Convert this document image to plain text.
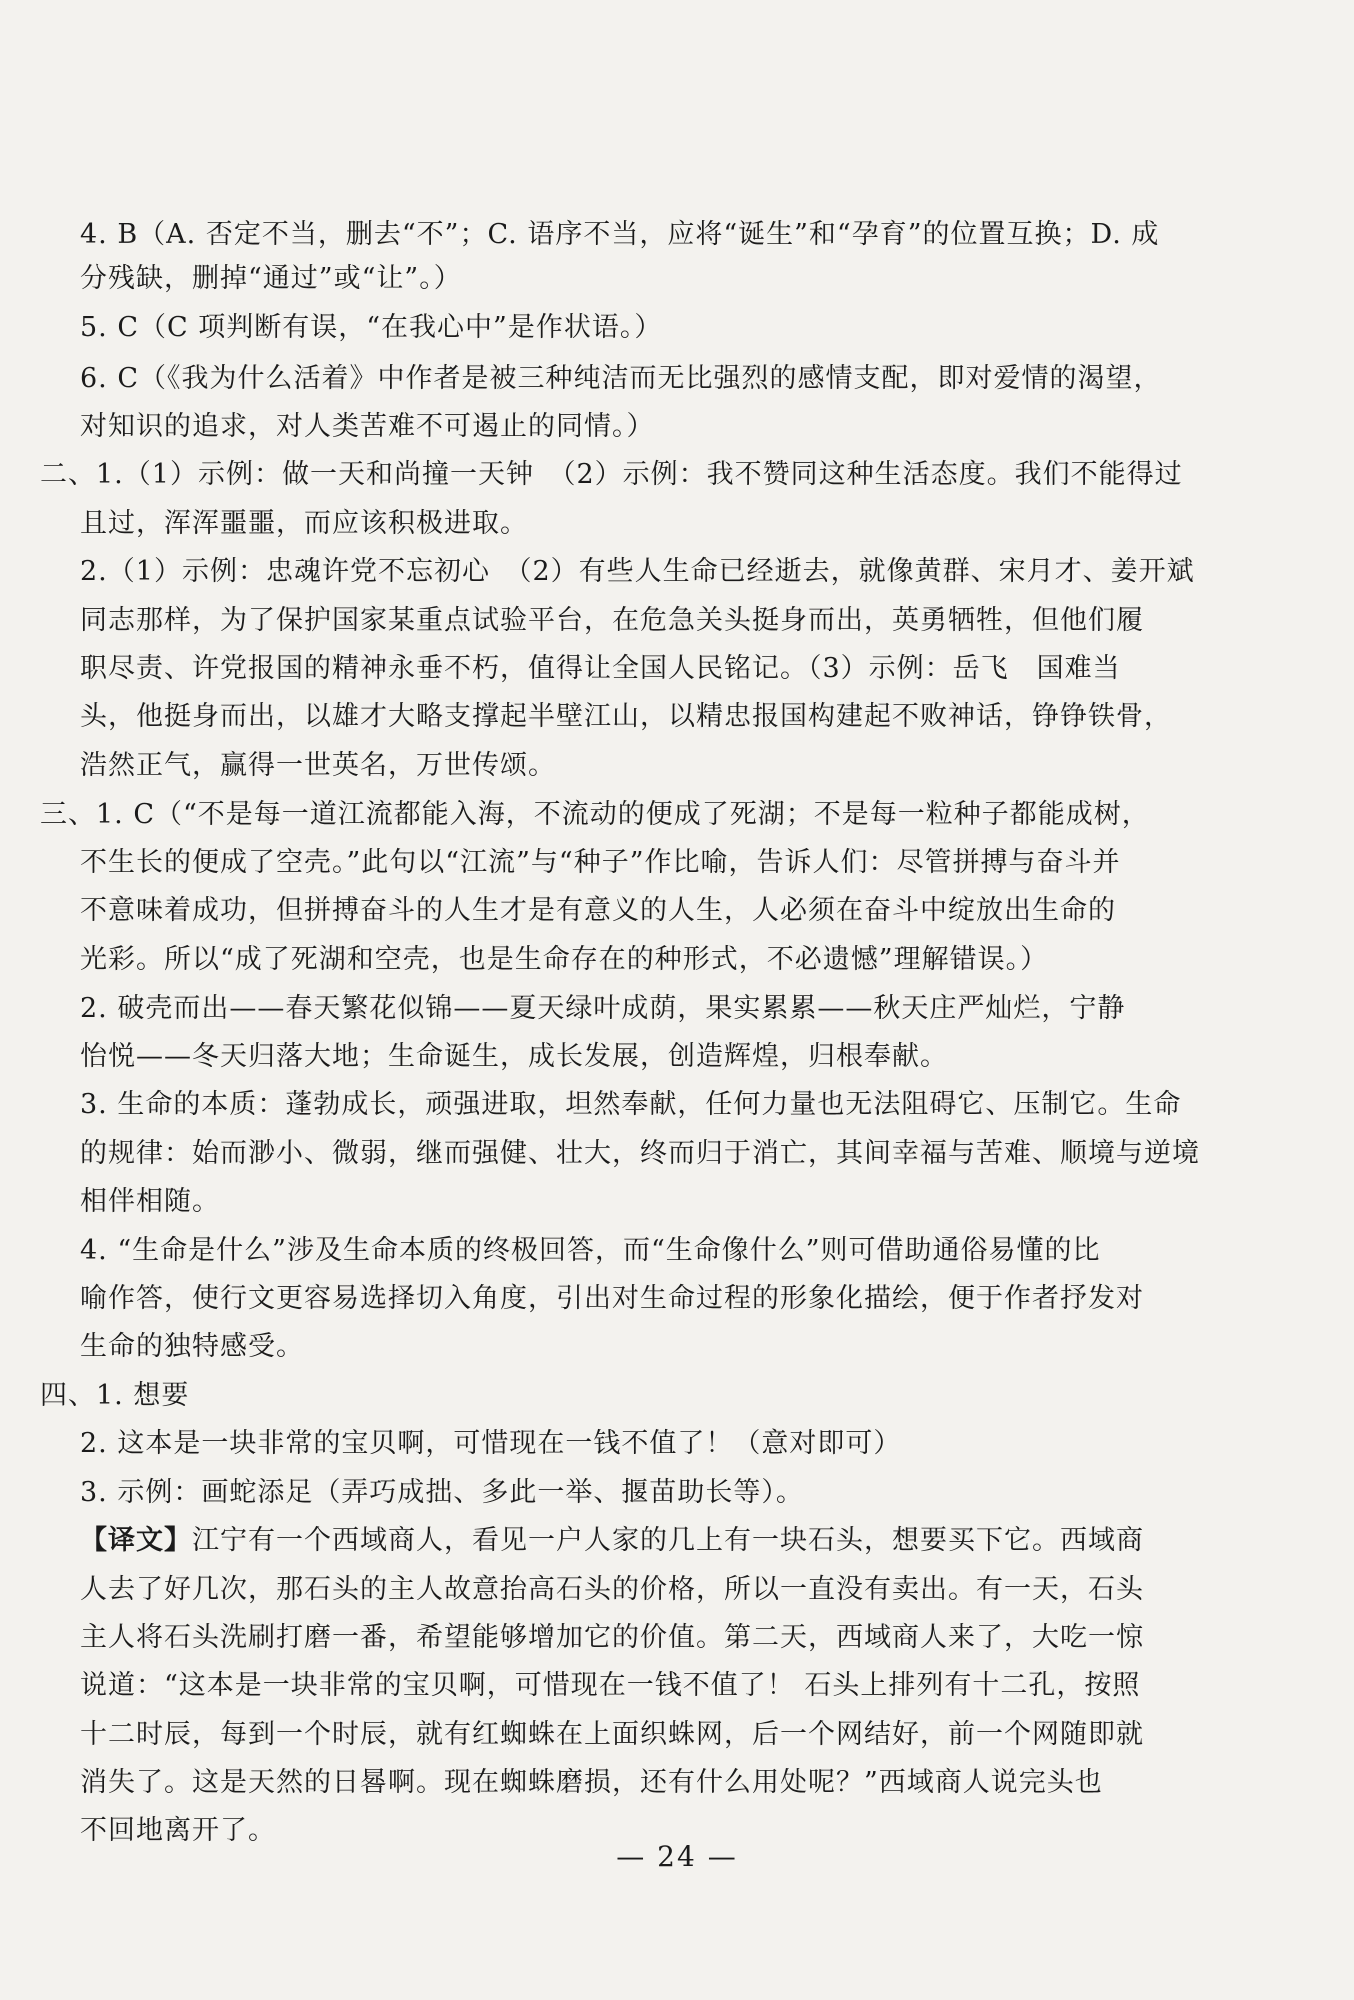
4. B（A. 否定不当，删去“不”；C. 语序不当，应将“诞生”和“孕育”的位置互换；D. 成
分残缺，删掉“通过”或“让”。）
5. C（C 项判断有误，“在我心中”是作状语。）
6. C（《我为什么活着》中作者是被三种纯洁而无比强烈的感情支配，即对爱情的渴望，
对知识的追求，对人类苦难不可遏止的同情。）
二、1.（1）示例：做一天和尚撞一天钟　（2）示例：我不赞同这种生活态度。我们不能得过
且过，浑浑噩噩，而应该积极进取。
2.（1）示例：忠魂许党不忘初心　（2）有些人生命已经逝去，就像黄群、宋月才、姜开斌
同志那样，为了保护国家某重点试验平台，在危急关头挺身而出，英勇牺牲，但他们履
职尽责、许党报国的精神永垂不朽，值得让全国人民铭记。（3）示例：岳飞　国难当
头，他挺身而出，以雄才大略支撑起半壁江山，以精忠报国构建起不败神话，铮铮铁骨，
浩然正气，赢得一世英名，万世传颂。
三、1. C（“不是每一道江流都能入海，不流动的便成了死湖；不是每一粒种子都能成树，
不生长的便成了空壳。”此句以“江流”与“种子”作比喻，告诉人们：尽管拼搏与奋斗并
不意味着成功，但拼搏奋斗的人生才是有意义的人生，人必须在奋斗中绽放出生命的
光彩。所以“成了死湖和空壳，也是生命存在的种形式，不必遗憾”理解错误。）
2. 破壳而出——春天繁花似锦——夏天绿叶成荫，果实累累——秋天庄严灿烂，宁静
怡悦——冬天归落大地；生命诞生，成长发展，创造辉煌，归根奉献。
3. 生命的本质：蓬勃成长，顽强进取，坦然奉献，任何力量也无法阻碍它、压制它。生命
的规律：始而渺小、微弱，继而强健、壮大，终而归于消亡，其间幸福与苦难、顺境与逆境
相伴相随。
4. “生命是什么”涉及生命本质的终极回答，而“生命像什么”则可借助通俗易懂的比
喻作答，使行文更容易选择切入角度，引出对生命过程的形象化描绘，便于作者抒发对
生命的独特感受。
四、1. 想要
2. 这本是一块非常的宝贝啊，可惜现在一钱不值了！（意对即可）
3. 示例：画蛇添足（弄巧成拙、多此一举、揠苗助长等）。
【译文】江宁有一个西域商人，看见一户人家的几上有一块石头，想要买下它。西域商
人去了好几次，那石头的主人故意抬高石头的价格，所以一直没有卖出。有一天，石头
主人将石头洗刷打磨一番，希望能够增加它的价值。第二天，西域商人来了，大吃一惊
说道：“这本是一块非常的宝贝啊，可惜现在一钱不值了！ 石头上排列有十二孔，按照
十二时辰，每到一个时辰，就有红蜘蛛在上面织蛛网，后一个网结好，前一个网随即就
消失了。这是天然的日晷啊。现在蜘蛛磨损，还有什么用处呢？”西域商人说完头也
不回地离开了。
— 24 —
